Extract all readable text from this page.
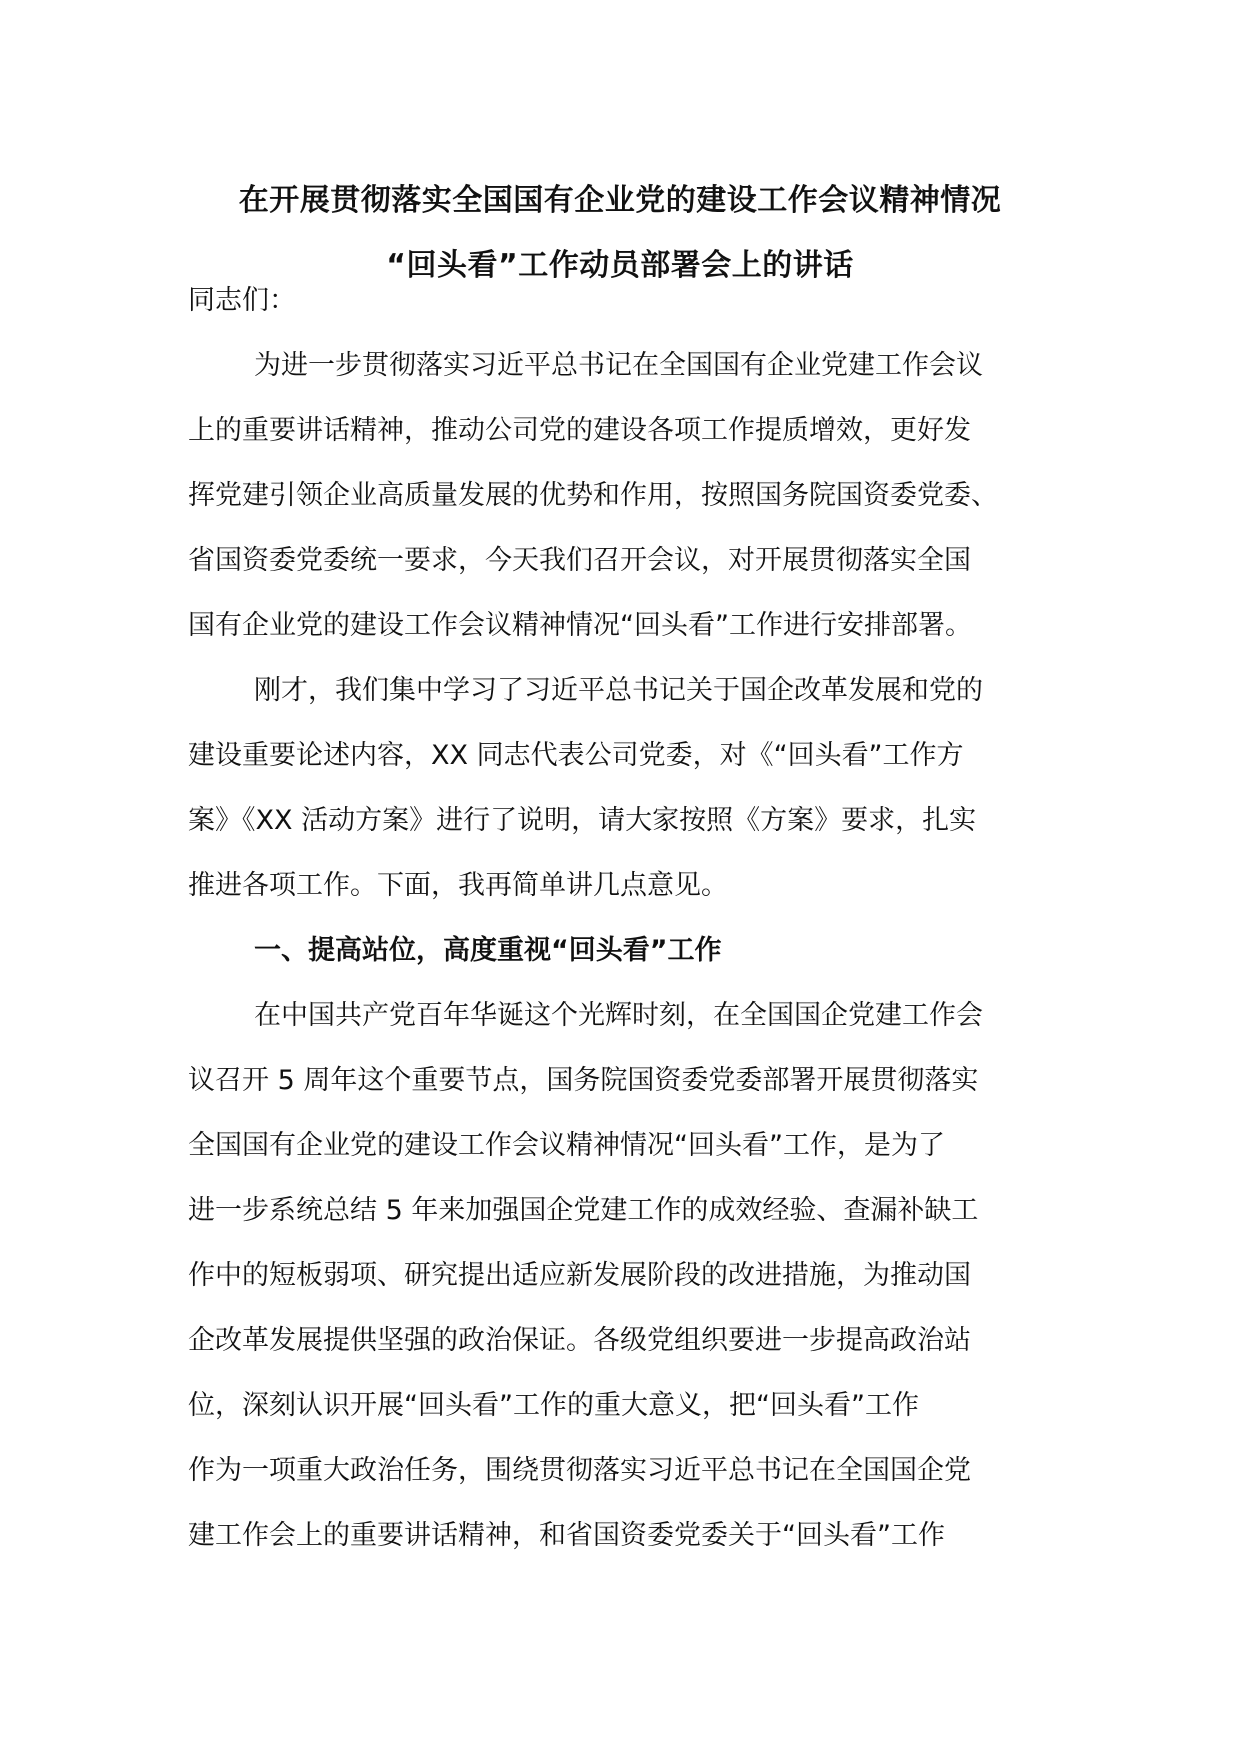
在开展贯彻落实全国国有企业党的建设工作会议精神情况
“回头看”工作动员部署会上的讲话
同志们：
为进一步贯彻落实习近平总书记在全国国有企业党建工作会议
上的重要讲话精神，推动公司党的建设各项工作提质增效，更好发
挥党建引领企业高质量发展的优势和作用，按照国务院国资委党委、
省国资委党委统一要求，今天我们召开会议，对开展贯彻落实全国
国有企业党的建设工作会议精神情况“回头看”工作进行安排部署。
刚才，我们集中学习了习近平总书记关于国企改革发展和党的
建设重要论述内容，XX 同志代表公司党委，对《“回头看”工作方
案》《XX 活动方案》进行了说明，请大家按照《方案》要求，扎实
推进各项工作。下面，我再简单讲几点意见。
一、提高站位，高度重视“回头看”工作
在中国共产党百年华诞这个光辉时刻，在全国国企党建工作会
议召开 5 周年这个重要节点，国务院国资委党委部署开展贯彻落实
全国国有企业党的建设工作会议精神情况“回头看”工作，是为了
进一步系统总结 5 年来加强国企党建工作的成效经验、查漏补缺工
作中的短板弱项、研究提出适应新发展阶段的改进措施，为推动国
企改革发展提供坚强的政治保证。各级党组织要进一步提高政治站
位，深刻认识开展“回头看”工作的重大意义，把“回头看”工作
作为一项重大政治任务，围绕贯彻落实习近平总书记在全国国企党
建工作会上的重要讲话精神，和省国资委党委关于“回头看”工作
